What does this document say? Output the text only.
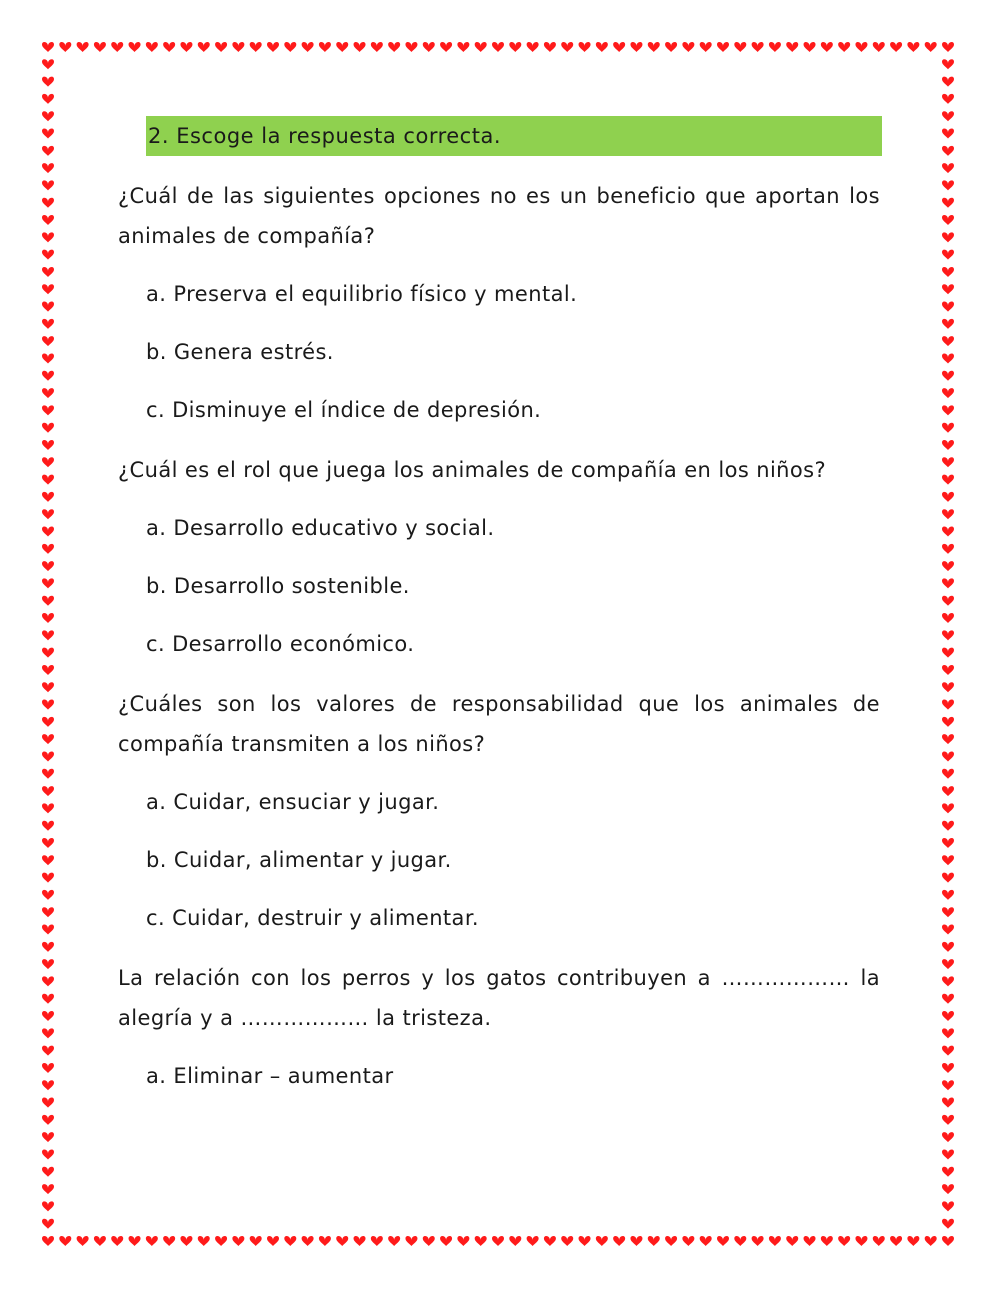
2. Escoge la respuesta correcta.
¿Cuál de las siguientes opciones no es un beneficio que aportan los animales de compañía?
a. Preserva el equilibrio físico y mental.
b. Genera estrés.
c. Disminuye el índice de depresión.
¿Cuál es el rol que juega los animales de compañía en los niños?
a. Desarrollo educativo y social.
b. Desarrollo sostenible.
c. Desarrollo económico.
¿Cuáles son los valores de responsabilidad que los animales de compañía transmiten a los niños?
a. Cuidar, ensuciar y jugar.
b. Cuidar, alimentar y jugar.
c. Cuidar, destruir y alimentar.
La relación con los perros y los gatos contribuyen a ……………… la alegría y a ……………… la tristeza.
a. Eliminar – aumentar
